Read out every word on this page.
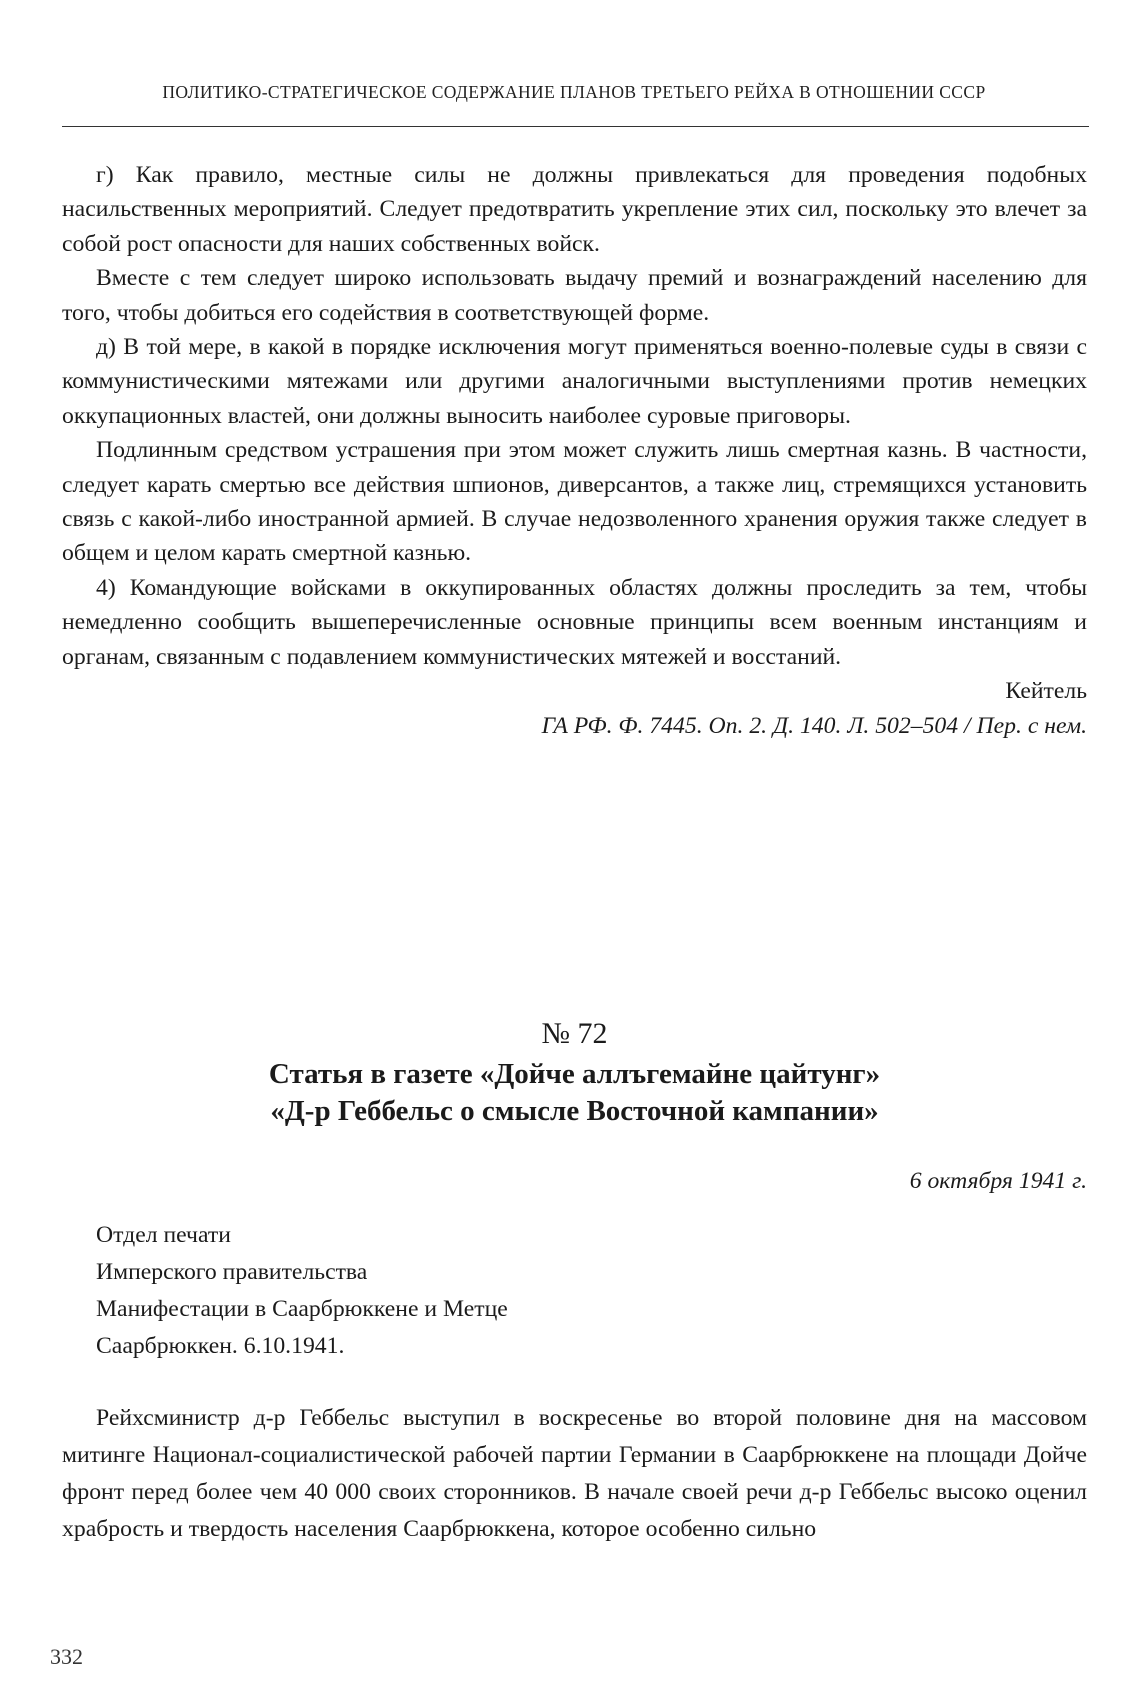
ПОЛИТИКО-СТРАТЕГИЧЕСКОЕ СОДЕРЖАНИЕ ПЛАНОВ ТРЕТЬЕГО РЕЙХА В ОТНОШЕНИИ СССР

г) Как правило, местные силы не должны привлекаться для проведения подобных насильственных мероприятий. Следует предотвратить укрепление этих сил, поскольку это влечет за собой рост опасности для наших собственных войск.

Вместе с тем следует широко использовать выдачу премий и вознаграждений населению для того, чтобы добиться его содействия в соответствующей форме.

д) В той мере, в какой в порядке исключения могут применяться военно-полевые суды в связи с коммунистическими мятежами или другими аналогичными выступлениями против немецких оккупационных властей, они должны выносить наиболее суровые приговоры.

Подлинным средством устрашения при этом может служить лишь смертная казнь. В частности, следует карать смертью все действия шпионов, диверсантов, а также лиц, стремящихся установить связь с какой-либо иностранной армией. В случае недозволенного хранения оружия также следует в общем и целом карать смертной казнью.

4) Командующие войсками в оккупированных областях должны проследить за тем, чтобы немедленно сообщить вышеперечисленные основные принципы всем военным инстанциям и органам, связанным с подавлением коммунистических мятежей и восстаний.

Кейтель

ГА РФ. Ф. 7445. Оп. 2. Д. 140. Л. 502–504 / Пер. с нем.

№ 72

Статья в газете «Дойче аллъгемайне цайтунг»
«Д-р Геббельс о смысле Восточной кампании»

6 октября 1941 г.
Отдел печати
Имперского правительства
Манифестации в Саарбрюккене и Метце
Саарбрюккен. 6.10.1941.

Рейхсминистр д-р Геббельс выступил в воскресенье во второй половине дня на массовом митинге Национал-социалистической рабочей партии Германии в Саарбрюккене на площади Дойче фронт перед более чем 40 000 своих сторонников. В начале своей речи д-р Геббельс высоко оценил храбрость и твердость населения Саарбрюккена, которое особенно сильно

332
